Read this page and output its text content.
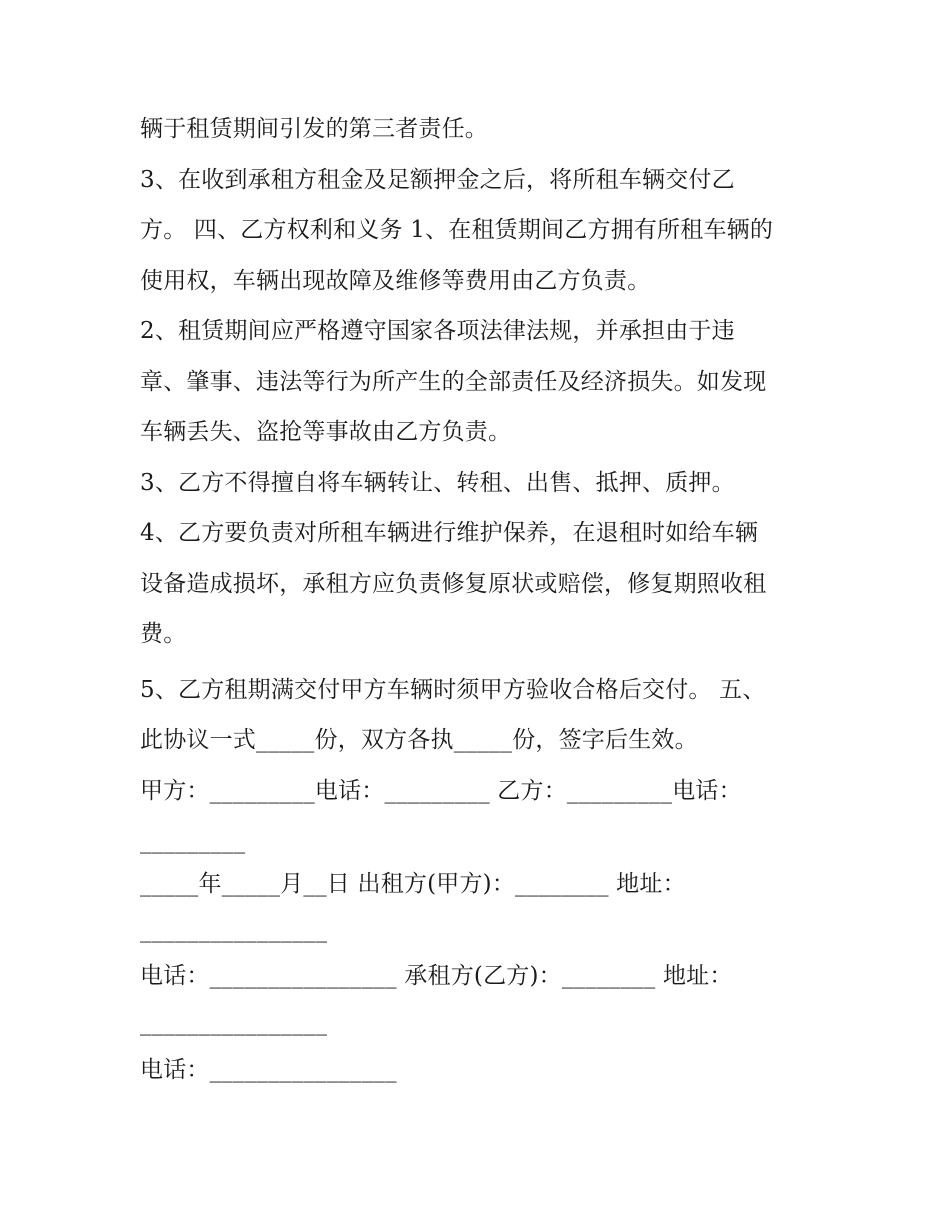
辆于租赁期间引发的第三者责任。

3、在收到承租方租金及足额押金之后，将所租车辆交付乙

方。 四、乙方权利和义务 1、在租赁期间乙方拥有所租车辆的

使用权，车辆出现故障及维修等费用由乙方负责。

2、租赁期间应严格遵守国家各项法律法规，并承担由于违

章、肇事、违法等行为所产生的全部责任及经济损失。如发现

车辆丢失、盗抢等事故由乙方负责。

3、乙方不得擅自将车辆转让、转租、出售、抵押、质押。

4、乙方要负责对所租车辆进行维护保养，在退租时如给车辆

设备造成损坏，承租方应负责修复原状或赔偿，修复期照收租

费。

5、乙方租期满交付甲方车辆时须甲方验收合格后交付。 五、

此协议一式_____份，双方各执_____份，签字后生效。

甲方：_________电话：_________ 乙方：_________电话：

_________

_____年_____月__日 出租方(甲方)：________ 地址：

________________

电话：________________ 承租方(乙方)：________ 地址：

________________

电话：________________
